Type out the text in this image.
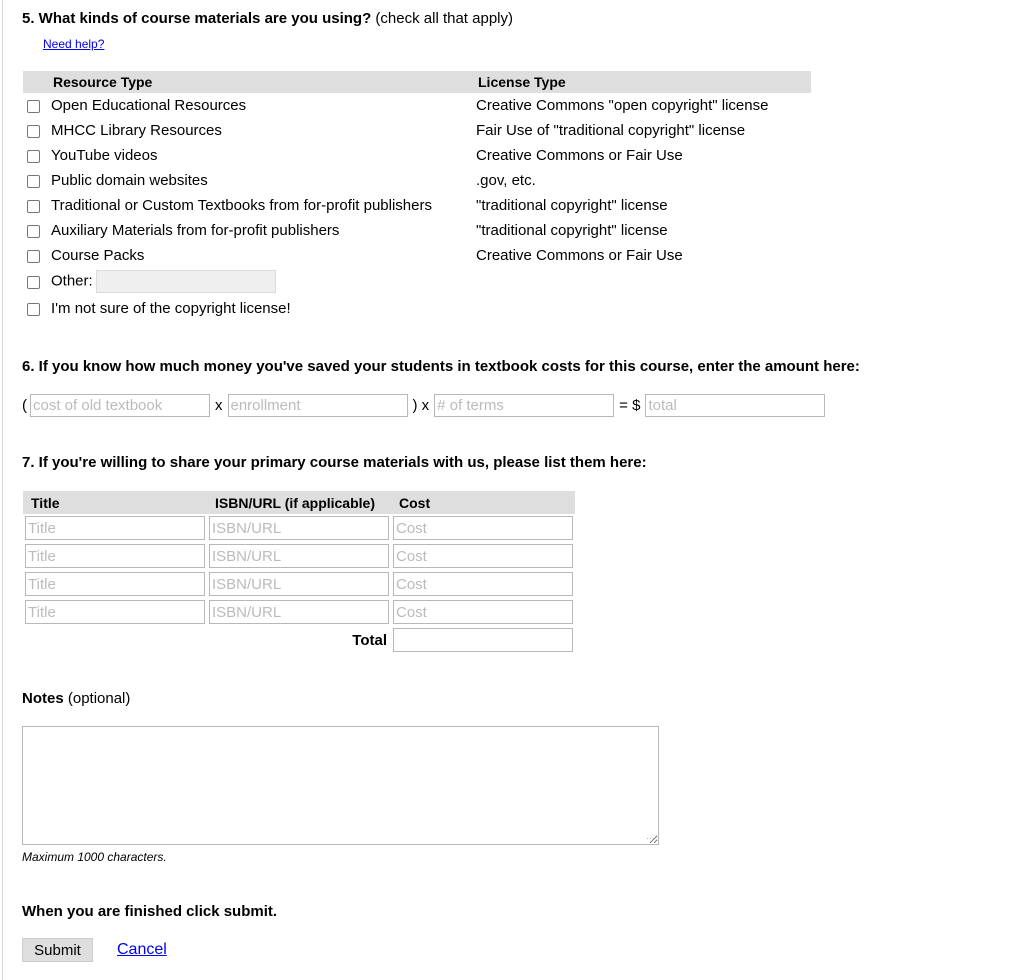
5. What kinds of course materials are you using? (check all that apply)
Need help?
	Resource Type	License Type
	Open Educational Resources	Creative Commons "open copyright" license
	MHCC Library Resources	Fair Use of "traditional copyright" license
	YouTube videos	Creative Commons or Fair Use
	Public domain websites	.gov, etc.
	Traditional or Custom Textbooks from for-profit publishers	"traditional copyright" license
	Auxiliary Materials from for-profit publishers	"traditional copyright" license
	Course Packs	Creative Commons or Fair Use
	Other:	
	I'm not sure of the copyright license!	
6. If you know how much money you've saved your students in textbook costs for this course, enter the amount here:
(
cost of old textbook	x
enrollment	) x
# of terms	= $
total
7. If you're willing to share your primary course materials with us, please list them here:
Title	ISBN/URL (if applicable)	Cost
Title	ISBN/URL	Cost
Title	ISBN/URL	Cost
Title	ISBN/URL	Cost
Title	ISBN/URL	Cost
	Total	
Notes (optional)
⋯
Maximum 1000 characters.
When you are finished click submit.
Submit	Cancel
